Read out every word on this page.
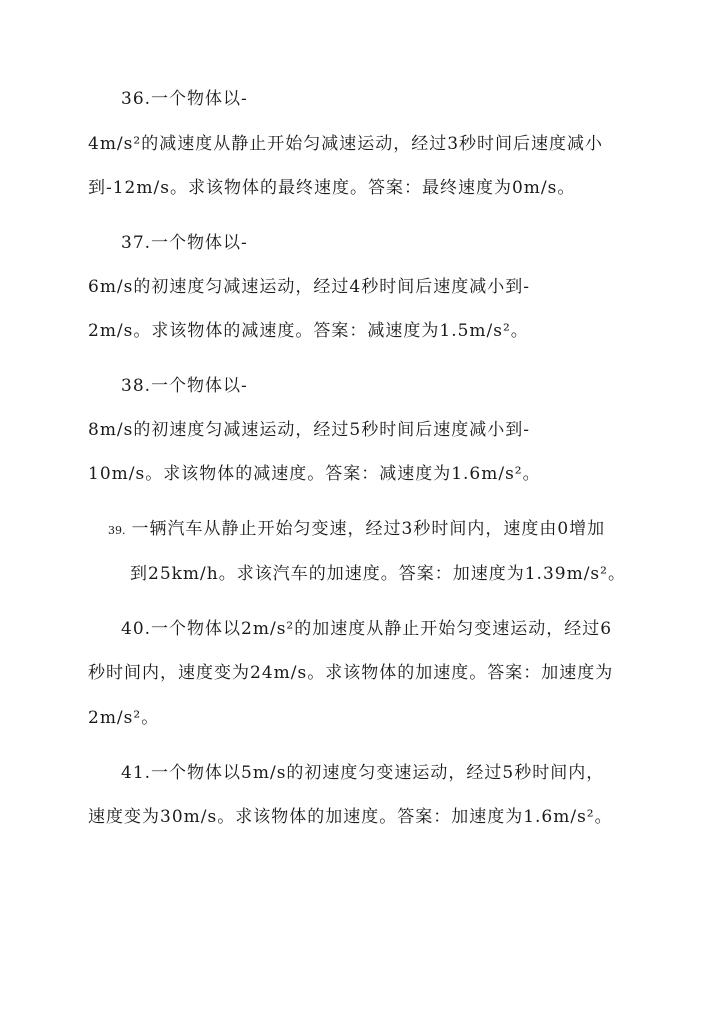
36.一个物体以-
4m/s²的减速度从静止开始匀减速运动，经过3秒时间后速度减小
到-12m/s。求该物体的最终速度。答案：最终速度为0m/s。
37.一个物体以-
6m/s的初速度匀减速运动，经过4秒时间后速度减小到-
2m/s。求该物体的减速度。答案：减速度为1.5m/s²。
38.一个物体以-
8m/s的初速度匀减速运动，经过5秒时间后速度减小到-
10m/s。求该物体的减速度。答案：减速度为1.6m/s²。
39. 一辆汽车从静止开始匀变速，经过3秒时间内，速度由0增加
到25km/h。求该汽车的加速度。答案：加速度为1.39m/s²。
40.一个物体以2m/s²的加速度从静止开始匀变速运动，经过6
秒时间内，速度变为24m/s。求该物体的加速度。答案：加速度为
2m/s²。
41.一个物体以5m/s的初速度匀变速运动，经过5秒时间内，
速度变为30m/s。求该物体的加速度。答案：加速度为1.6m/s²。
